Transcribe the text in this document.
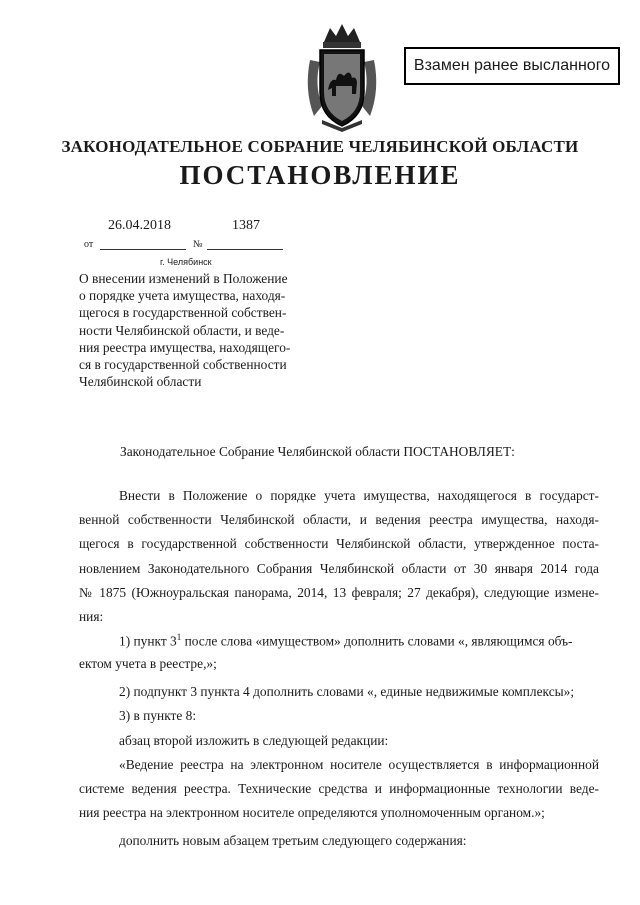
Взамен ранее высланного
ЗАКОНОДАТЕЛЬНОЕ СОБРАНИЕ ЧЕЛЯБИНСКОЙ ОБЛАСТИ
ПОСТАНОВЛЕНИЕ
26.04.2018	1387
от	№
г. Челябинск
О внесении изменений в Положение
о порядке учета имущества, находя-
щегося в государственной собствен-
ности Челябинской области, и веде-
ния реестра имущества, находящего-
ся в государственной собственности
Челябинской области
Законодательное Собрание Челябинской области ПОСТАНОВЛЯЕТ:
Внести в Положение о порядке учета имущества, находящегося в государст-
венной собственности Челябинской области, и ведения реестра имущества, находя-
щегося в государственной собственности Челябинской области, утвержденное поста-
новлением Законодательного Собрания Челябинской области от 30 января 2014 года
№ 1875 (Южноуральская панорама, 2014, 13 февраля; 27 декабря), следующие измене-
ния:
1) пункт $3^1$ после слова «имуществом» дополнить словами «, являющимся объ-
ектом учета в реестре,»;
2) подпункт 3 пункта 4 дополнить словами «, единые недвижимые комплексы»;
3) в пункте 8:
абзац второй изложить в следующей редакции:
«Ведение реестра на электронном носителе осуществляется в информационной
системе ведения реестра. Технические средства и информационные технологии веде-
ния реестра на электронном носителе определяются уполномоченным органом.»;
дополнить новым абзацем третьим следующего содержания:
